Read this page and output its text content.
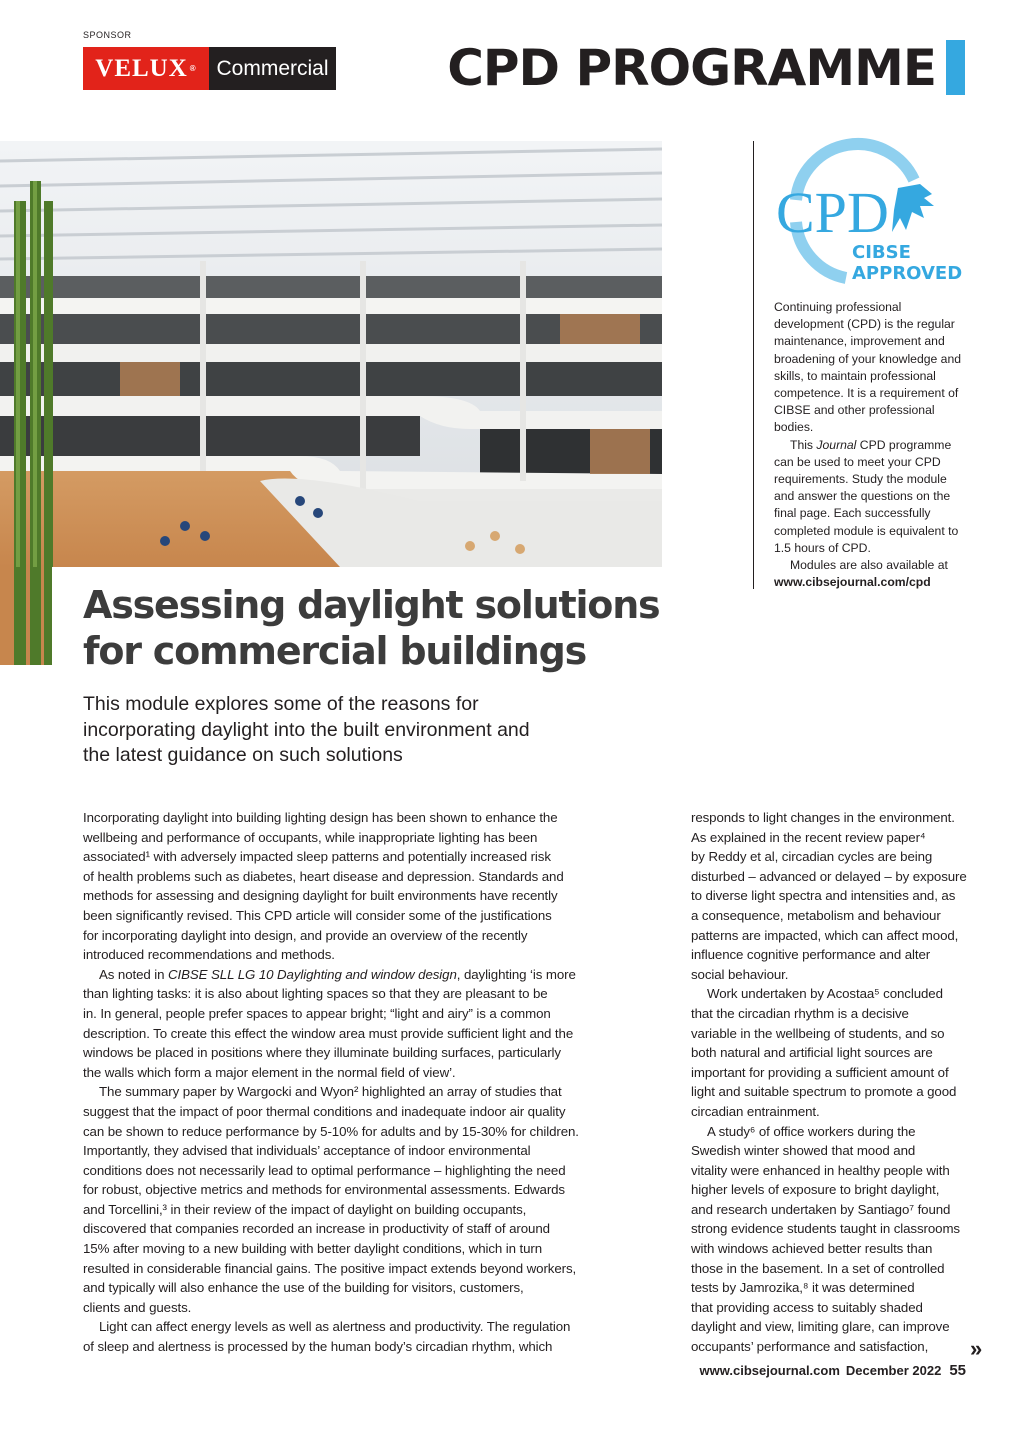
SPONSOR
VELUX ® Commercial CPD PROGRAMME
CPD
CIBSE
APPROVED

Continuing professional development (CPD) is the regular maintenance, improvement and broadening of your knowledge and skills, to maintain professional competence. It is a requirement of CIBSE and other professional bodies.

This Journal CPD programme can be used to meet your CPD requirements. Study the module and answer the questions on the final page. Each successfully completed module is equivalent to 1.5 hours of CPD.

Modules are also available at

www.cibsejournal.com/cpd

Assessing daylight solutions
for commercial buildings
This module explores some of the reasons for
incorporating daylight into the built environment and
the latest guidance on such solutions
Incorporating daylight into building lighting design has been shown to enhance the
wellbeing and performance of occupants, while inappropriate lighting has been
associated¹ with adversely impacted sleep patterns and potentially increased risk
of health problems such as diabetes, heart disease and depression. Standards and
methods for assessing and designing daylight for built environments have recently
been significantly revised. This CPD article will consider some of the justifications
for incorporating daylight into design, and provide an overview of the recently
introduced recommendations and methods.
As noted in CIBSE SLL LG 10 Daylighting and window design, daylighting ‘is more
than lighting tasks: it is also about lighting spaces so that they are pleasant to be
in. In general, people prefer spaces to appear bright; “light and airy” is a common
description. To create this effect the window area must provide sufficient light and the
windows be placed in positions where they illuminate building surfaces, particularly
the walls which form a major element in the normal field of view’.
The summary paper by Wargocki and Wyon² highlighted an array of studies that
suggest that the impact of poor thermal conditions and inadequate indoor air quality
can be shown to reduce performance by 5-10% for adults and by 15-30% for children.
Importantly, they advised that individuals’ acceptance of indoor environmental
conditions does not necessarily lead to optimal performance – highlighting the need
for robust, objective metrics and methods for environmental assessments. Edwards
and Torcellini,³ in their review of the impact of daylight on building occupants,
discovered that companies recorded an increase in productivity of staff of around
15% after moving to a new building with better daylight conditions, which in turn
resulted in considerable financial gains. The positive impact extends beyond workers,
and typically will also enhance the use of the building for visitors, customers,
clients and guests.
Light can affect energy levels as well as alertness and productivity. The regulation
of sleep and alertness is processed by the human body’s circadian rhythm, which
responds to light changes in the environment.
As explained in the recent review paper⁴
by Reddy et al, circadian cycles are being
disturbed – advanced or delayed – by exposure
to diverse light spectra and intensities and, as
a consequence, metabolism and behaviour
patterns are impacted, which can affect mood,
influence cognitive performance and alter
social behaviour.
Work undertaken by Acostaa⁵ concluded
that the circadian rhythm is a decisive
variable in the wellbeing of students, and so
both natural and artificial light sources are
important for providing a sufficient amount of
light and suitable spectrum to promote a good
circadian entrainment.
A study⁶ of office workers during the
Swedish winter showed that mood and
vitality were enhanced in healthy people with
higher levels of exposure to bright daylight,
and research undertaken by Santiago⁷ found
strong evidence students taught in classrooms
with windows achieved better results than
those in the basement. In a set of controlled
tests by Jamrozika,⁸ it was determined
that providing access to suitably shaded
daylight and view, limiting glare, can improve
occupants’ performance and satisfaction,	»
www.cibsejournal.com December 2022 55
